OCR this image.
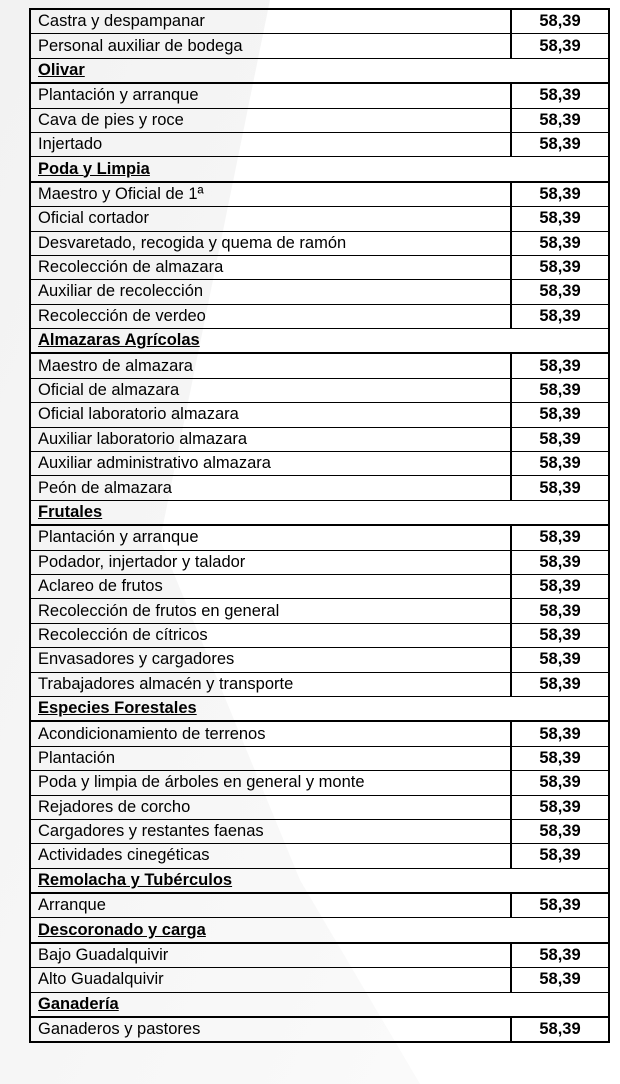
Castra y despampanar	58,39
Personal auxiliar de bodega	58,39
Olivar	
Plantación y arranque	58,39
Cava de pies y roce	58,39
Injertado	58,39
Poda y Limpia	
Maestro y Oficial de 1ª	58,39
Oficial cortador	58,39
Desvaretado, recogida y quema de ramón	58,39
Recolección de almazara	58,39
Auxiliar de recolección	58,39
Recolección de verdeo	58,39
Almazaras Agrícolas	
Maestro de almazara	58,39
Oficial de almazara	58,39
Oficial laboratorio almazara	58,39
Auxiliar laboratorio almazara	58,39
Auxiliar administrativo almazara	58,39
Peón de almazara	58,39
Frutales	
Plantación y arranque	58,39
Podador, injertador y talador	58,39
Aclareo de frutos	58,39
Recolección de frutos en general	58,39
Recolección de cítricos	58,39
Envasadores y cargadores	58,39
Trabajadores almacén y transporte	58,39
Especies Forestales	
Acondicionamiento de terrenos	58,39
Plantación	58,39
Poda y limpia de árboles en general y monte	58,39
Rejadores de corcho	58,39
Cargadores y restantes faenas	58,39
Actividades cinegéticas	58,39
Remolacha y Tubérculos	
Arranque	58,39
Descoronado y carga	
Bajo Guadalquivir	58,39
Alto Guadalquivir	58,39
Ganadería	
Ganaderos y pastores	58,39
